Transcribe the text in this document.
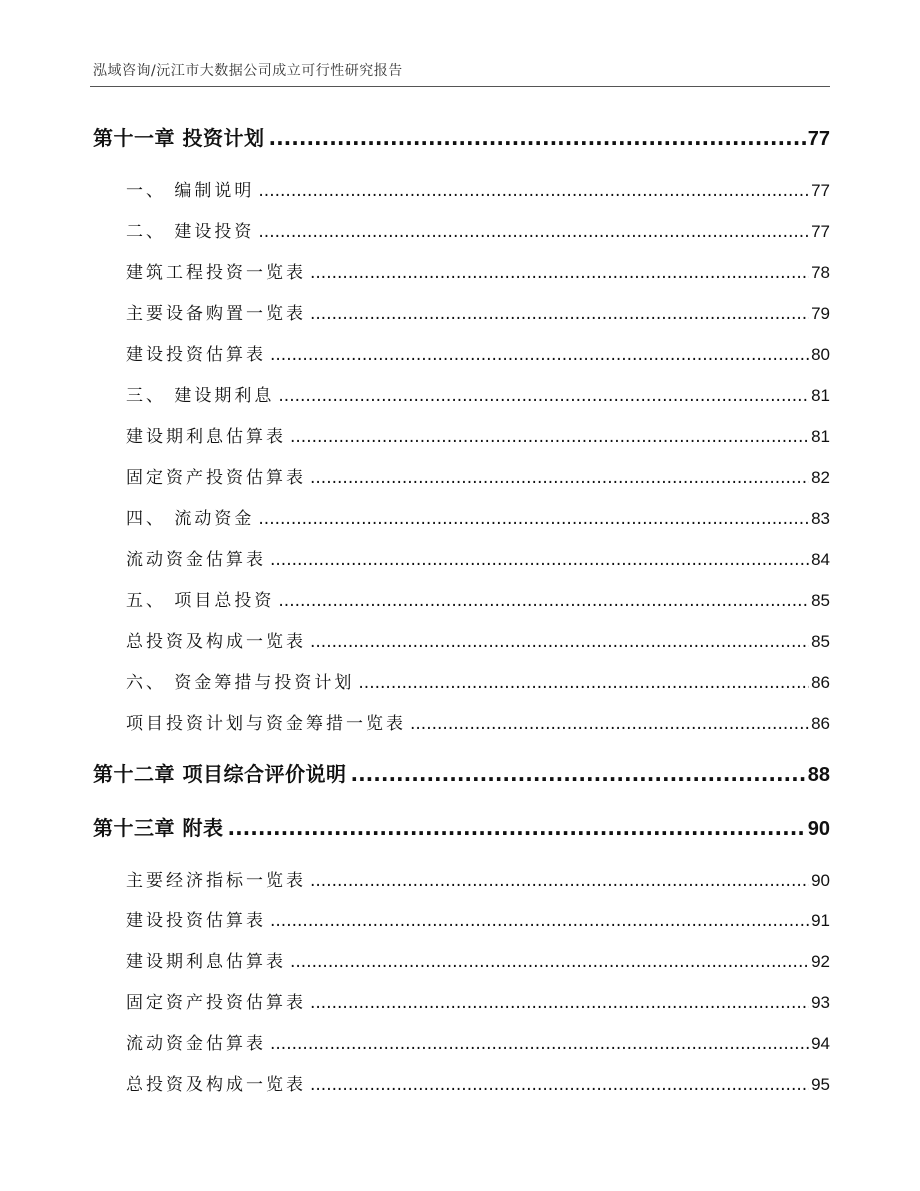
泓域咨询/沅江市大数据公司成立可行性研究报告
第十一章 投资计划 .....	77
一、 编制说明 .....	77
二、 建设投资 .....	77
建筑工程投资一览表 .....	78
主要设备购置一览表 .....	79
建设投资估算表 .....	80
三、 建设期利息 .....	81
建设期利息估算表 .....	81
固定资产投资估算表 .....	82
四、 流动资金 .....	83
流动资金估算表 .....	84
五、 项目总投资 .....	85
总投资及构成一览表 .....	85
六、 资金筹措与投资计划 .....	86
项目投资计划与资金筹措一览表 .....	86
第十二章 项目综合评价说明 .....	88
第十三章 附表 .....	90
主要经济指标一览表 .....	90
建设投资估算表 .....	91
建设期利息估算表 .....	92
固定资产投资估算表 .....	93
流动资金估算表 .....	94
总投资及构成一览表 .....	95
